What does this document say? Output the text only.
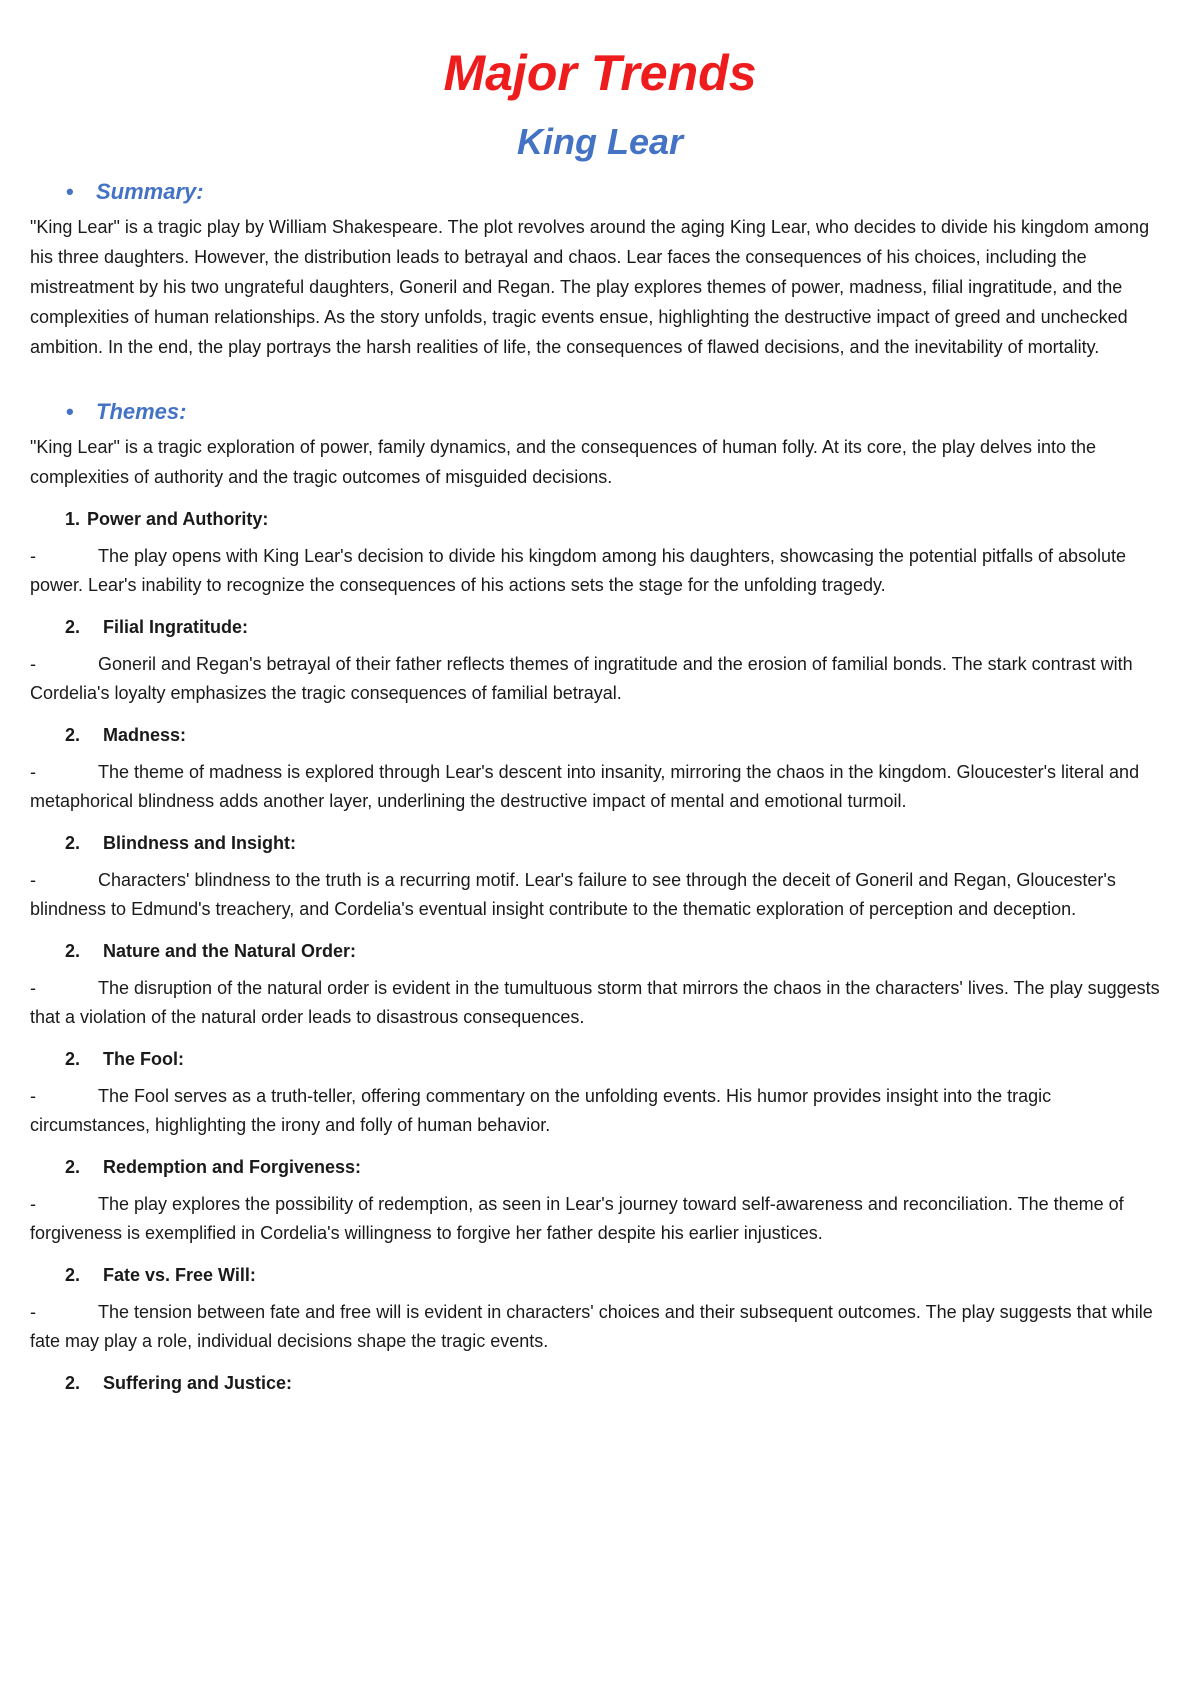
Major Trends
King Lear
•	Summary:

"King Lear" is a tragic play by William Shakespeare. The plot revolves around the aging King Lear, who decides to divide his kingdom among his three daughters. However, the distribution leads to betrayal and chaos. Lear faces the consequences of his choices, including the mistreatment by his two ungrateful daughters, Goneril and Regan. The play explores themes of power, madness, filial ingratitude, and the complexities of human relationships. As the story unfolds, tragic events ensue, highlighting the destructive impact of greed and unchecked ambition. In the end, the play portrays the harsh realities of life, the consequences of flawed decisions, and the inevitability of mortality.

•	Themes:

"King Lear" is a tragic exploration of power, family dynamics, and the consequences of human folly. At its core, the play delves into the complexities of authority and the tragic outcomes of misguided decisions.

1. Power and Authority:

-	The play opens with King Lear's decision to divide his kingdom among his daughters, showcasing the potential pitfalls of absolute power. Lear's inability to recognize the consequences of his actions sets the stage for the unfolding tragedy.

2.	Filial Ingratitude:

-	Goneril and Regan's betrayal of their father reflects themes of ingratitude and the erosion of familial bonds. The stark contrast with Cordelia's loyalty emphasizes the tragic consequences of familial betrayal.

2.	Madness:

-	The theme of madness is explored through Lear's descent into insanity, mirroring the chaos in the kingdom. Gloucester's literal and metaphorical blindness adds another layer, underlining the destructive impact of mental and emotional turmoil.

2.	Blindness and Insight:

-	Characters' blindness to the truth is a recurring motif. Lear's failure to see through the deceit of Goneril and Regan, Gloucester's blindness to Edmund's treachery, and Cordelia's eventual insight contribute to the thematic exploration of perception and deception.

2.	Nature and the Natural Order:

-	The disruption of the natural order is evident in the tumultuous storm that mirrors the chaos in the characters' lives. The play suggests that a violation of the natural order leads to disastrous consequences.

2.	The Fool:

-	The Fool serves as a truth-teller, offering commentary on the unfolding events. His humor provides insight into the tragic circumstances, highlighting the irony and folly of human behavior.

2.	Redemption and Forgiveness:

-	The play explores the possibility of redemption, as seen in Lear's journey toward self-awareness and reconciliation. The theme of forgiveness is exemplified in Cordelia's willingness to forgive her father despite his earlier injustices.

2.	Fate vs. Free Will:

-	The tension between fate and free will is evident in characters' choices and their subsequent outcomes. The play suggests that while fate may play a role, individual decisions shape the tragic events.

2.	Suffering and Justice:
